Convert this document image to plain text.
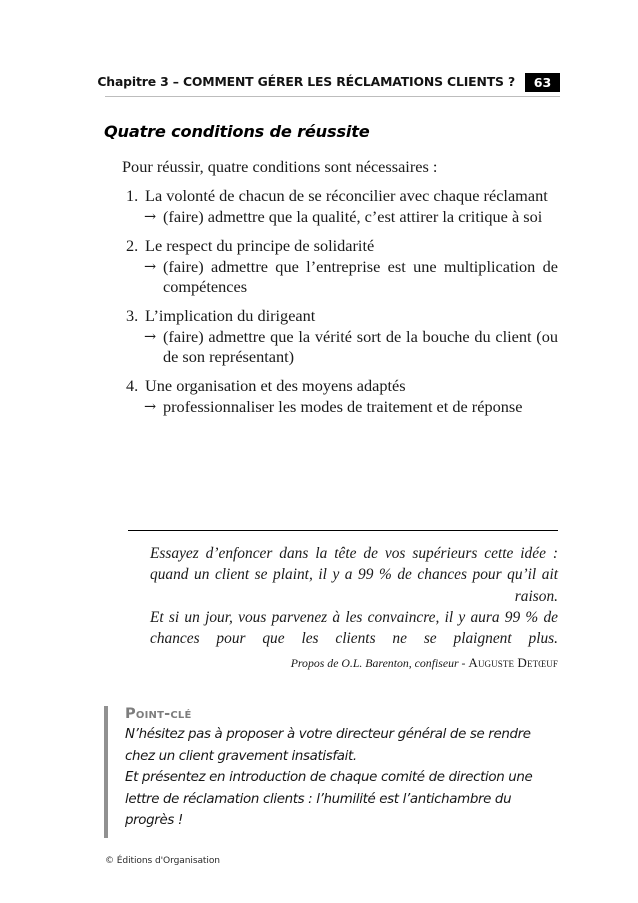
Chapitre 3 – COMMENT GÉRER LES RÉCLAMATIONS CLIENTS ?	63
Quatre conditions de réussite
Pour réussir, quatre conditions sont nécessaires :
1. La volonté de chacun de se réconcilier avec chaque réclamant
→ (faire) admettre que la qualité, c’est attirer la critique à soi
2. Le respect du principe de solidarité
→ (faire) admettre que l’entreprise est une multiplication de compétences
3. L’implication du dirigeant
→ (faire) admettre que la vérité sort de la bouche du client (ou de son représentant)
4. Une organisation et des moyens adaptés
→ professionnaliser les modes de traitement et de réponse

Essayez d’enfoncer dans la tête de vos supérieurs cette idée : quand un client se plaint, il y a 99 % de chances pour qu’il ait raison.

Et si un jour, vous parvenez à les convaincre, il y aura 99 % de chances pour que les clients ne se plaignent plus.

Propos de O.L. Barenton, confiseur - Auguste Detœuf
Point-clé

N’hésitez pas à proposer à votre directeur général de se rendre chez un client gravement insatisfait.

Et présentez en introduction de chaque comité de direction une lettre de réclamation clients : l’humilité est l’antichambre du progrès !

© Éditions d'Organisation
